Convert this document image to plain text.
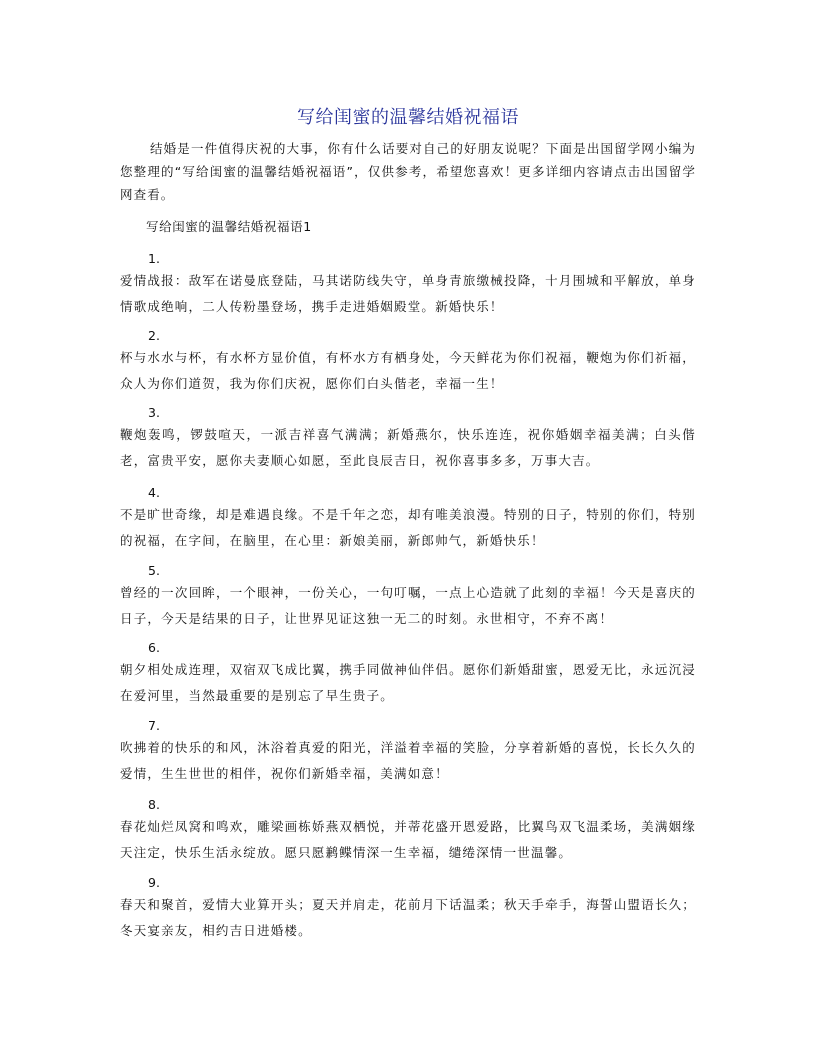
写给闺蜜的温馨结婚祝福语
结婚是一件值得庆祝的大事，你有什么话要对自己的好朋友说呢？下面是出国留学网小编为您整理的“写给闺蜜的温馨结婚祝福语”，仅供参考，希望您喜欢！更多详细内容请点击出国留学网查看。
写给闺蜜的温馨结婚祝福语1
1.
爱情战报：敌军在诺曼底登陆，马其诺防线失守，单身青旅缴械投降，十月围城和平解放，单身情歌成绝响，二人传粉墨登场，携手走进婚姻殿堂。新婚快乐！
2.
杯与水水与杯，有水杯方显价值，有杯水方有栖身处，今天鲜花为你们祝福，鞭炮为你们祈福，众人为你们道贺，我为你们庆祝，愿你们白头偕老，幸福一生！
3.
鞭炮轰鸣，锣鼓喧天，一派吉祥喜气满满；新婚燕尔，快乐连连，祝你婚姻幸福美满；白头偕老，富贵平安，愿你夫妻顺心如愿，至此良辰吉日，祝你喜事多多，万事大吉。
4.
不是旷世奇缘，却是难遇良缘。不是千年之恋，却有唯美浪漫。特别的日子，特别的你们，特别的祝福，在字间，在脑里，在心里：新娘美丽，新郎帅气，新婚快乐！
5.
曾经的一次回眸，一个眼神，一份关心，一句叮嘱，一点上心造就了此刻的幸福！今天是喜庆的日子，今天是结果的日子，让世界见证这独一无二的时刻。永世相守，不弃不离！
6.
朝夕相处成连理，双宿双飞成比翼，携手同做神仙伴侣。愿你们新婚甜蜜，恩爱无比，永远沉浸在爱河里，当然最重要的是别忘了早生贵子。
7.
吹拂着的快乐的和风，沐浴着真爱的阳光，洋溢着幸福的笑脸，分享着新婚的喜悦，长长久久的爱情，生生世世的相伴，祝你们新婚幸福，美满如意！
8.
春花灿烂凤窝和鸣欢，雕梁画栋娇燕双栖悦，并蒂花盛开恩爱路，比翼鸟双飞温柔场，美满姻缘天注定，快乐生活永绽放。愿只愿鹣鲽情深一生幸福，缱绻深情一世温馨。
9.
春天和聚首，爱情大业算开头；夏天并肩走，花前月下话温柔；秋天手牵手，海誓山盟语长久；冬天宴亲友，相约吉日进婚楼。
